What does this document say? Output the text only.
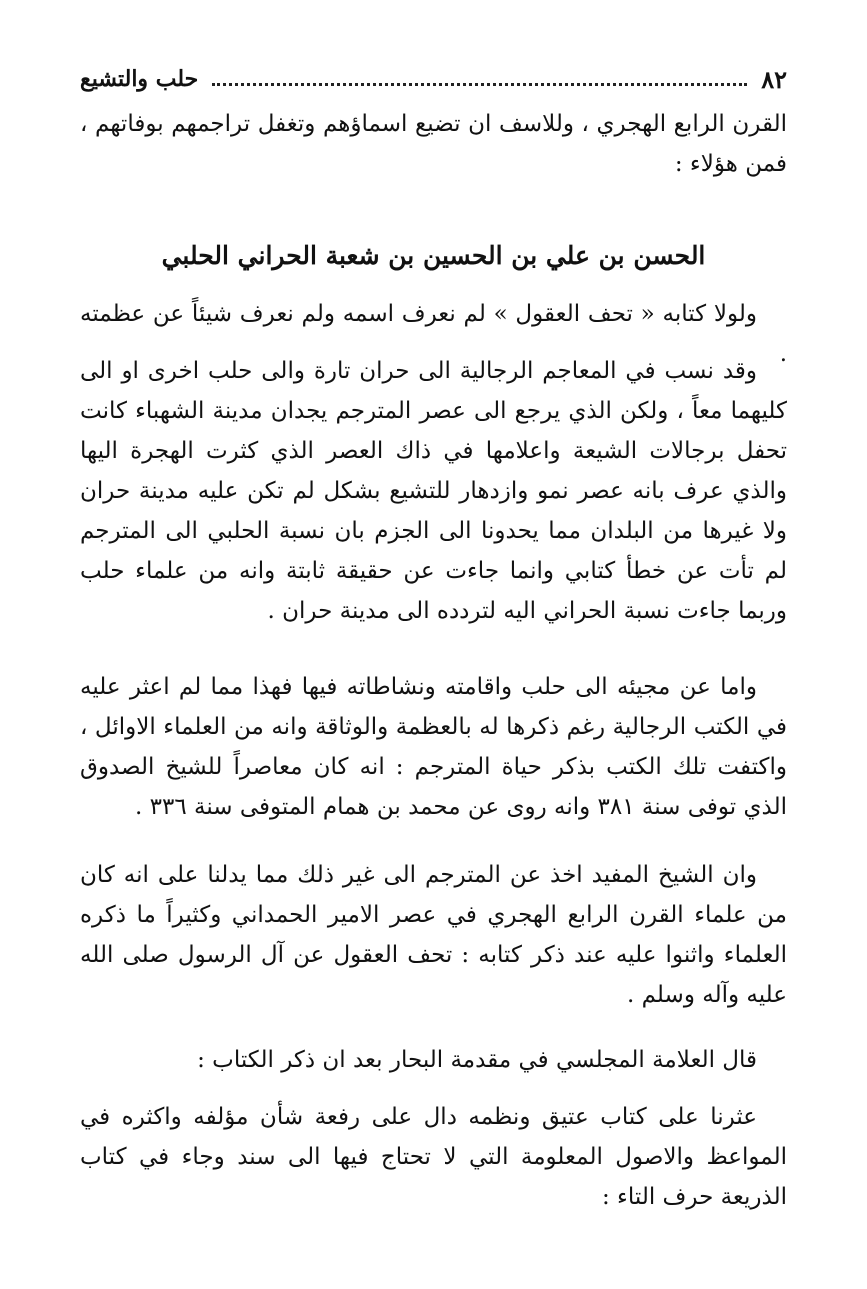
٨٢
حلب والتشيع

القرن الرابع الهجري ، وللاسف ان تضيع اسماؤهم وتغفل تراجمهم بوفاتهم ، فمن هؤلاء :

الحسن بن علي بن الحسين بن شعبة الحراني الحلبي

ولولا كتابه « تحف العقول » لم نعرف اسمه ولم نعرف شيئاً عن عظمته .

وقد نسب في المعاجم الرجالية الى حران تارة والى حلب اخرى او الى كليهما معاً ، ولكن الذي يرجع الى عصر المترجم يجدان مدينة الشهباء كانت تحفل برجالات الشيعة واعلامها في ذاك العصر الذي كثرت الهجرة اليها والذي عرف بانه عصر نمو وازدهار للتشيع بشكل لم تكن عليه مدينة حران ولا غيرها من البلدان مما يحدونا الى الجزم بان نسبة الحلبي الى المترجم لم تأت عن خطأ كتابي وانما جاءت عن حقيقة ثابتة وانه من علماء حلب وربما جاءت نسبة الحراني اليه لتردده الى مدينة حران .

واما عن مجيئه الى حلب واقامته ونشاطاته فيها فهذا مما لم اعثر عليه في الكتب الرجالية رغم ذكرها له بالعظمة والوثاقة وانه من العلماء الاوائل ، واكتفت تلك الكتب بذكر حياة المترجم : انه كان معاصراً للشيخ الصدوق الذي توفى سنة ٣٨١ وانه روى عن محمد بن همام المتوفى سنة ٣٣٦ .

وان الشيخ المفيد اخذ عن المترجم الى غير ذلك مما يدلنا على انه كان من علماء القرن الرابع الهجري في عصر الامير الحمداني وكثيراً ما ذكره العلماء واثنوا عليه عند ذكر كتابه : تحف العقول عن آل الرسول صلى الله عليه وآله وسلم .

قال العلامة المجلسي في مقدمة البحار بعد ان ذكر الكتاب :

عثرنا على كتاب عتيق ونظمه دال على رفعة شأن مؤلفه واكثره في المواعظ والاصول المعلومة التي لا تحتاج فيها الى سند وجاء في كتاب الذريعة حرف التاء :
